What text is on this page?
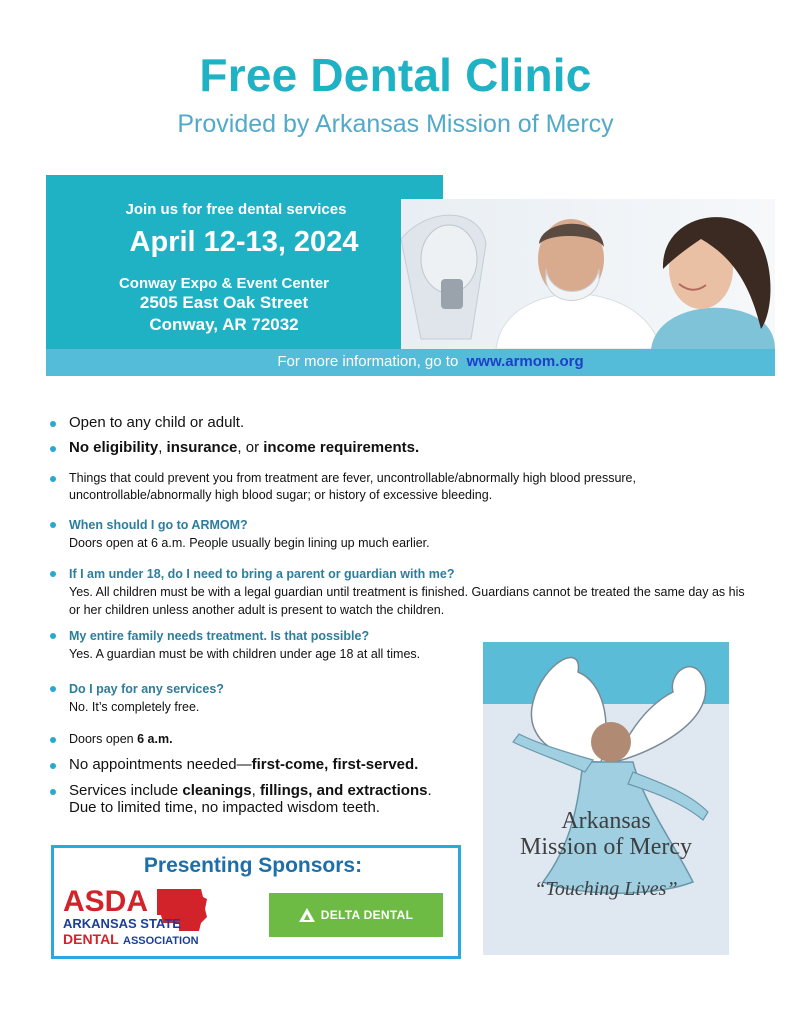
Free Dental Clinic
Provided by Arkansas Mission of Mercy
Join us for free dental services
April 12-13, 2024
Conway Expo & Event Center
2505 East Oak Street
Conway, AR 72032
For more information, go to www.armom.org
Open to any child or adult.
No eligibility, insurance, or income requirements.
Things that could prevent you from treatment are fever, uncontrollable/abnormally high blood pressure, uncontrollable/abnormally high blood sugar; or history of excessive bleeding.
When should I go to ARMOM?
Doors open at 6 a.m. People usually begin lining up much earlier.
If I am under 18, do I need to bring a parent or guardian with me?
Yes. All children must be with a legal guardian until treatment is finished. Guardians cannot be treated the same day as his or her children unless another adult is present to watch the children.
My entire family needs treatment. Is that possible?
Yes. A guardian must be with children under age 18 at all times.
Do I pay for any services?
No. It’s completely free.
Doors open 6 a.m.
No appointments needed—first-come, first-served.
Services include cleanings, fillings, and extractions.
Due to limited time, no impacted wisdom teeth.
Presenting Sponsors:
ASDA
ARKANSAS STATE
DENTAL ASSOCIATION
DELTA DENTAL
Arkansas
Mission of Mercy
“Touching Lives”
